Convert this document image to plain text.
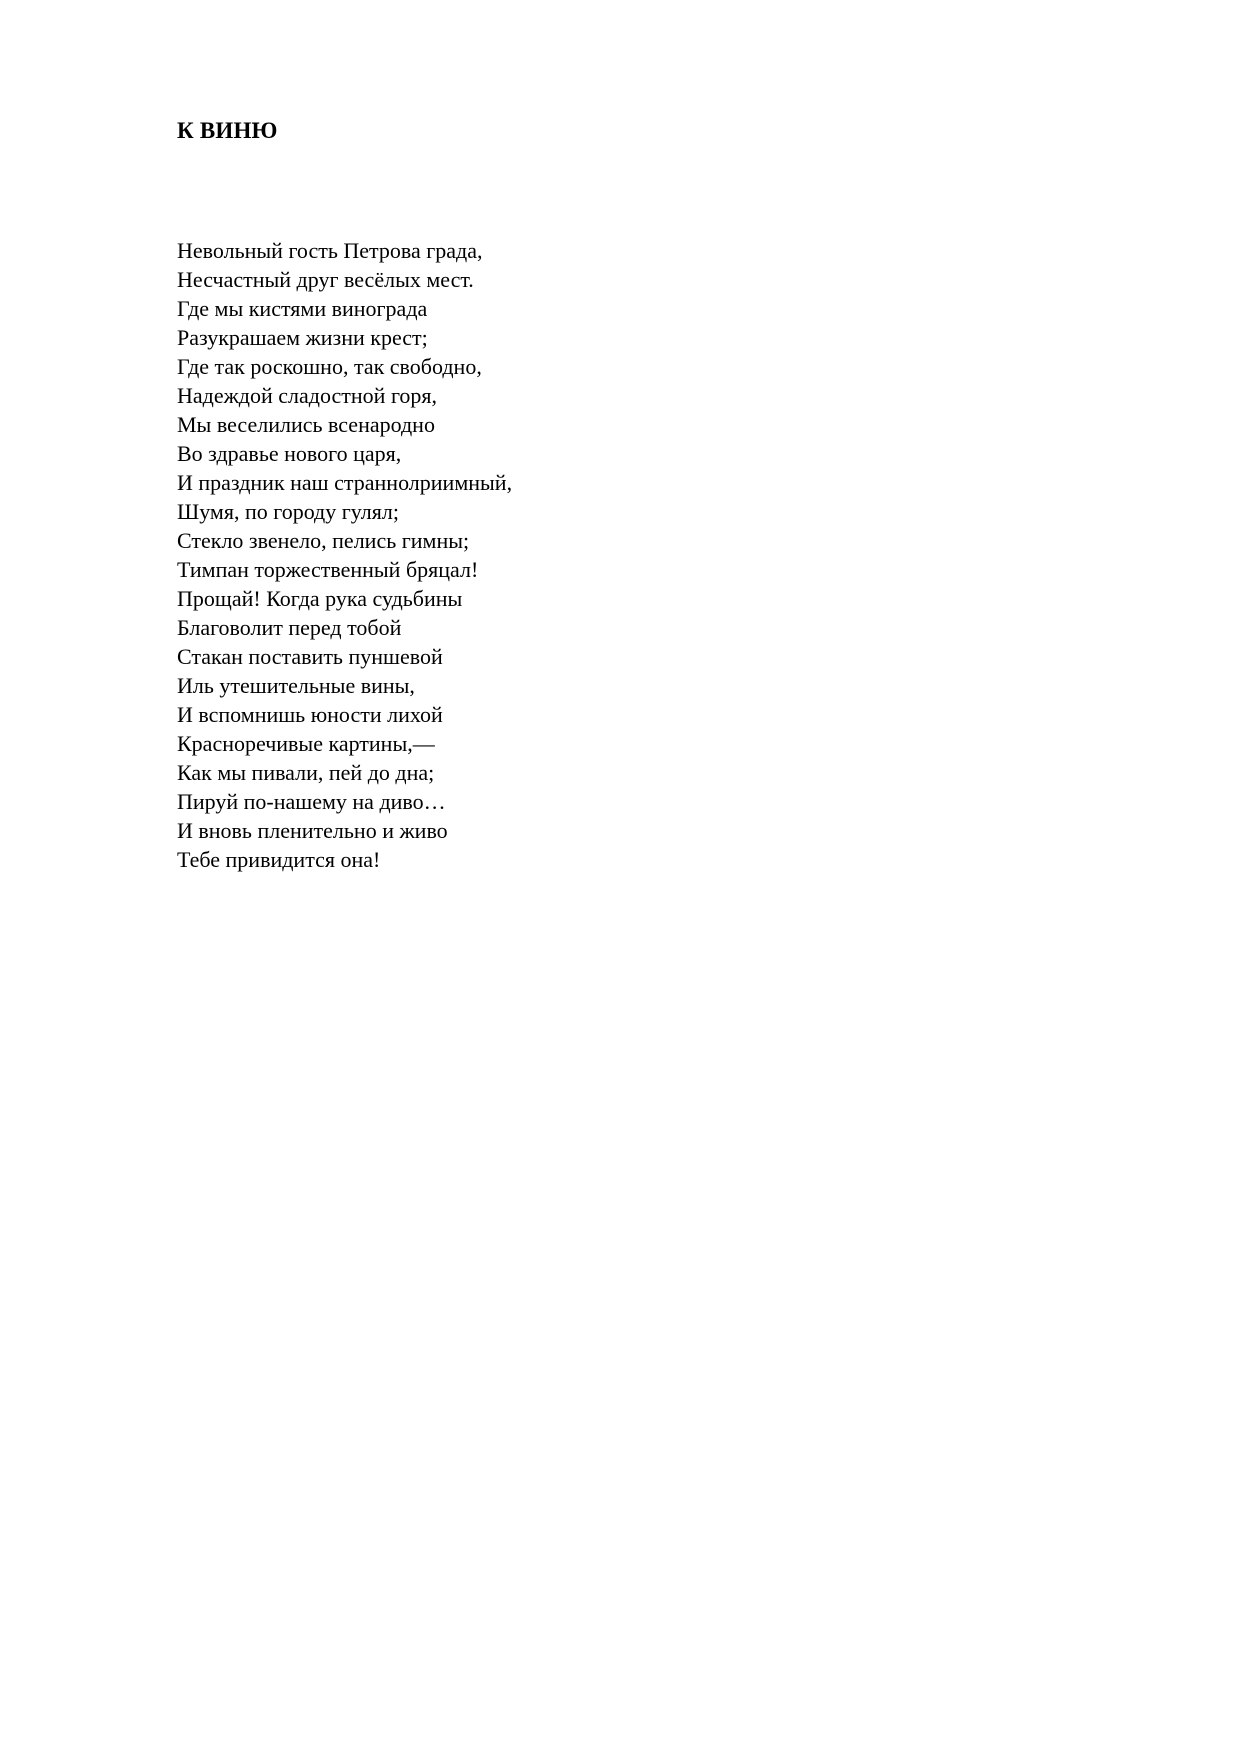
К ВИНЮ
Невольный гость Петрова града,
Несчастный друг весёлых мест.
Где мы кистями винограда
Разукрашаем жизни крест;
Где так роскошно, так свободно,
Надеждой сладостной горя,
Мы веселились всенародно
Во здравье нового царя,
И праздник наш страннолриимный,
Шумя, по городу гулял;
Стекло звенело, пелись гимны;
Тимпан торжественный бряцал!
Прощай! Когда рука судьбины
Благоволит перед тобой
Стакан поставить пуншевой
Иль утешительные вины,
И вспомнишь юности лихой
Красноречивые картины,—
Как мы пивали, пей до дна;
Пируй по-нашему на диво…
И вновь пленительно и живо
Тебе привидится она!
